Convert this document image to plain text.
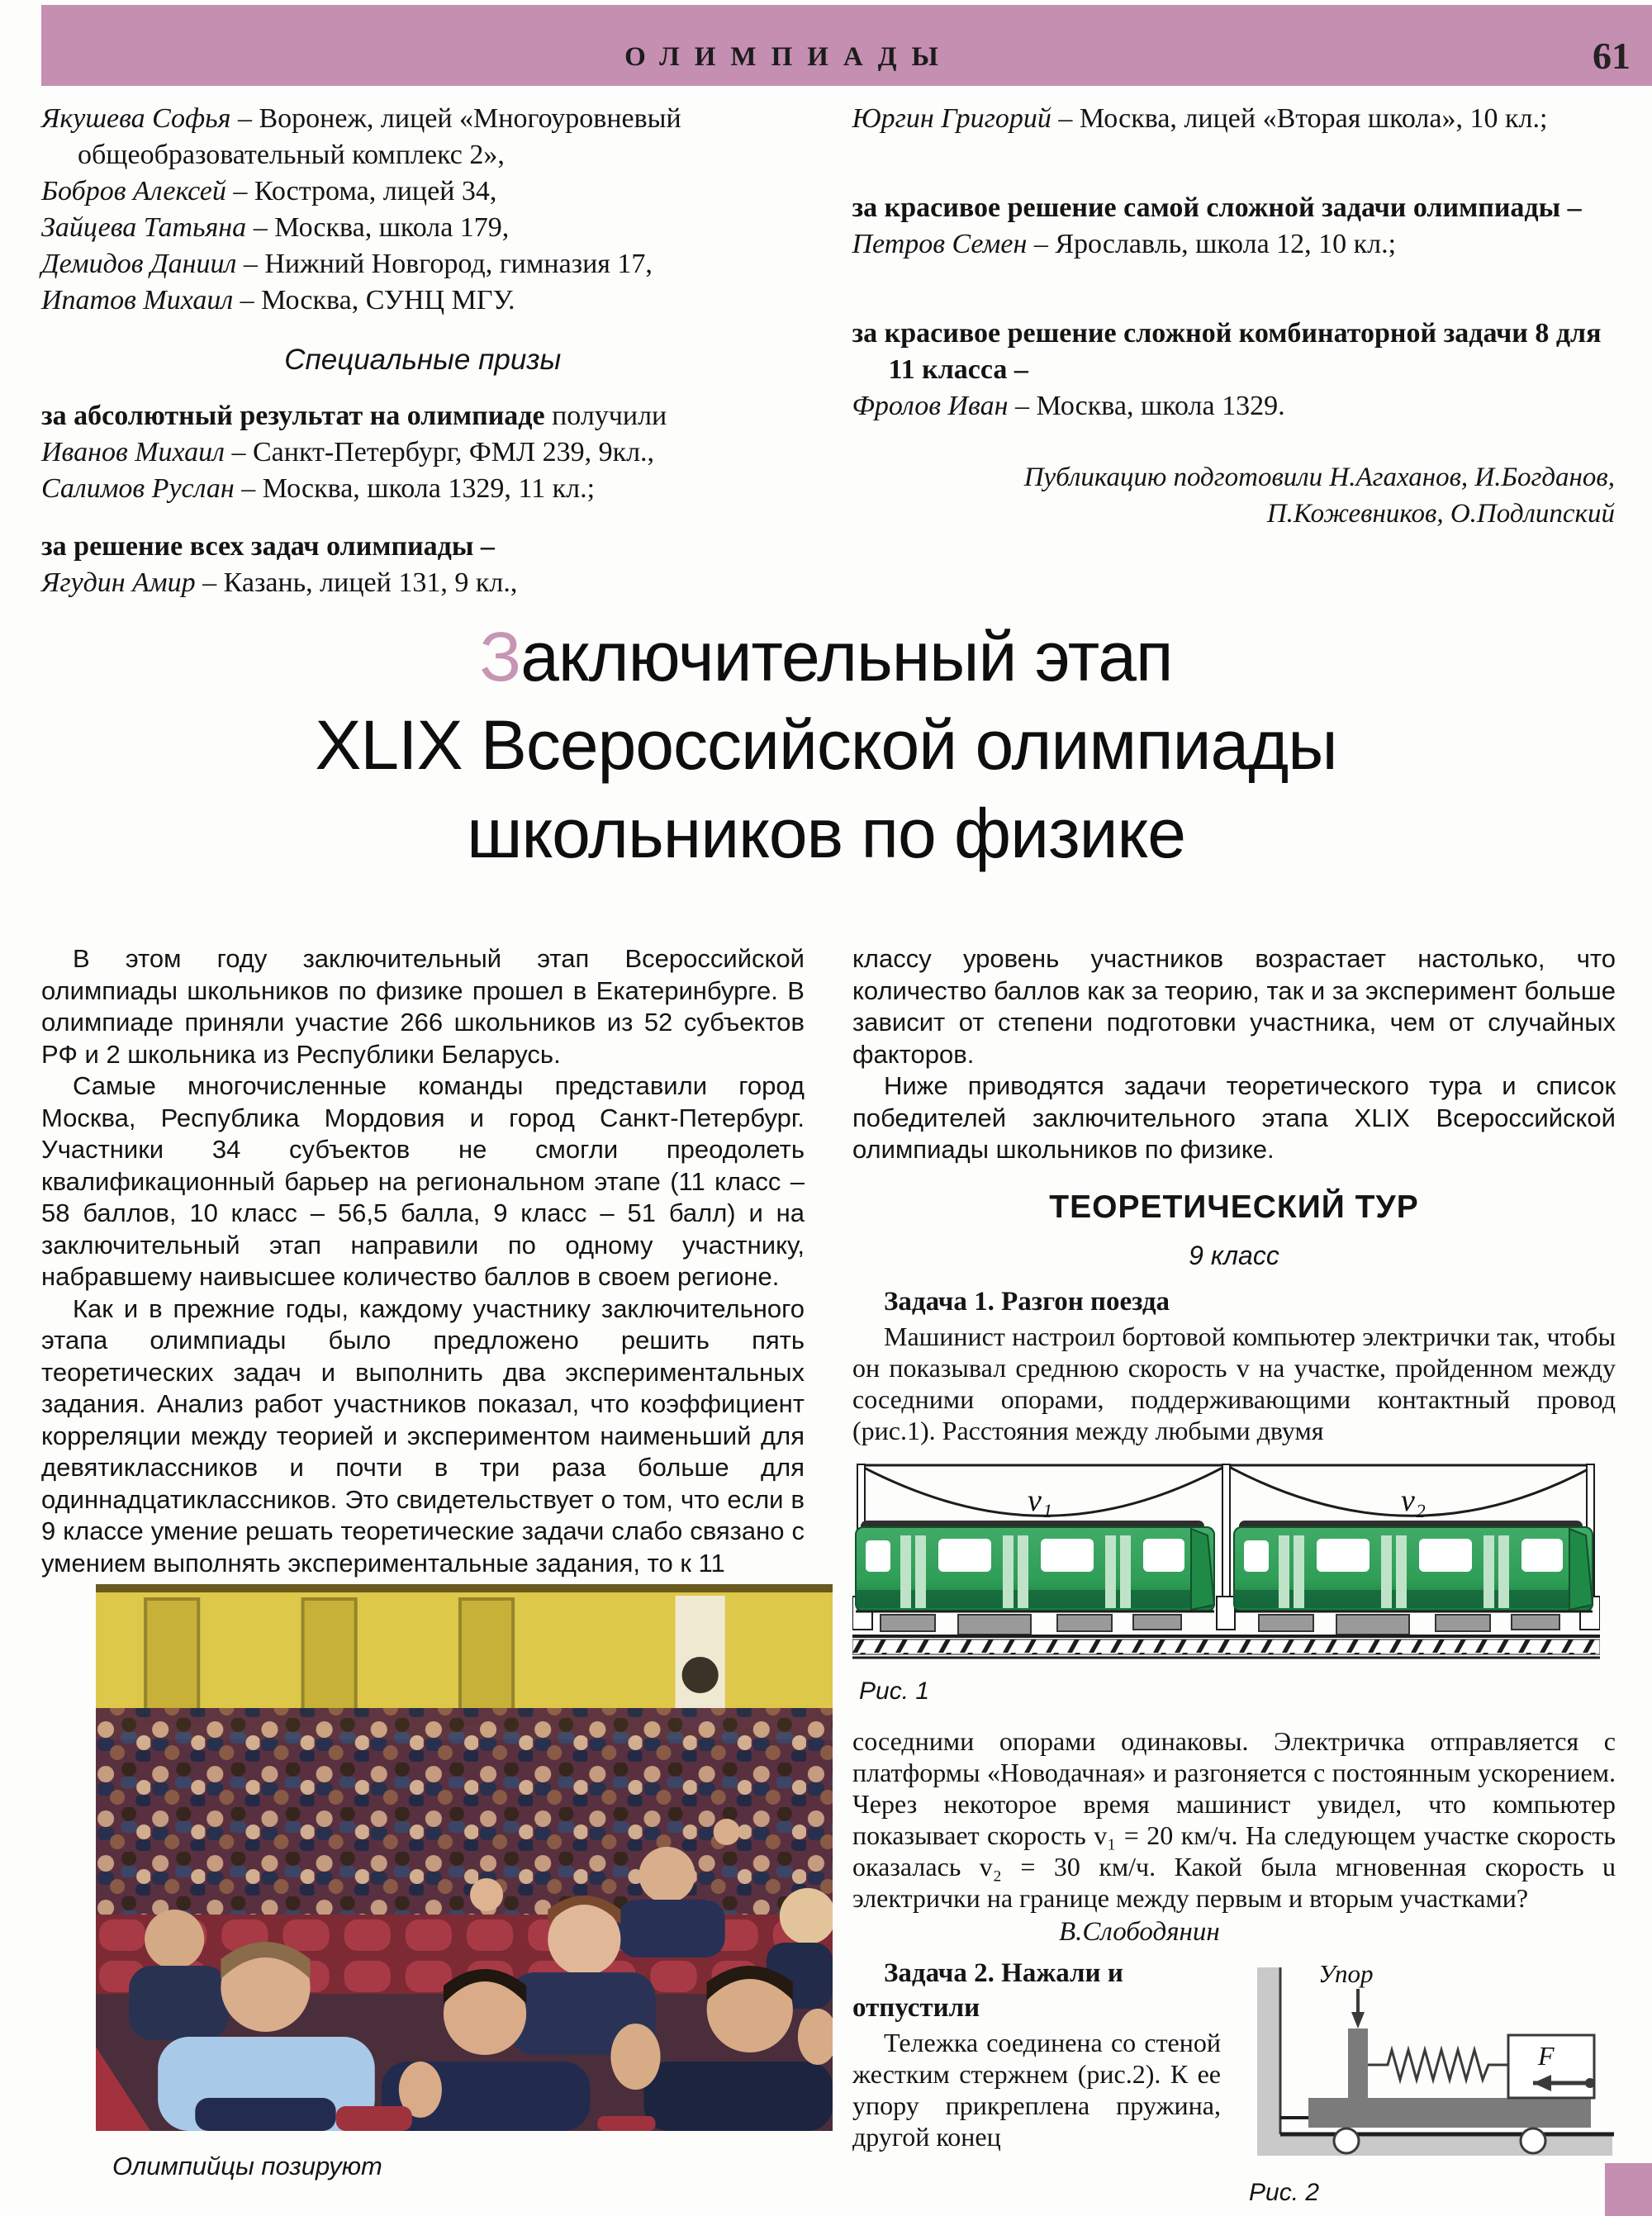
ОЛИМПИАДЫ	61

Якушева Софья – Воронеж, лицей «Многоуровневый общеобразовательный комплекс 2»,

Бобров Алексей – Кострома, лицей 34,

Зайцева Татьяна – Москва, школа 179,

Демидов Даниил – Нижний Новгород, гимназия 17,

Ипатов Михаил – Москва, СУНЦ МГУ.

Специальные призы

за абсолютный результат на олимпиаде получили

Иванов Михаил – Санкт-Петербург, ФМЛ 239, 9кл.,

Салимов Руслан – Москва, школа 1329, 11 кл.;

за решение всех задач олимпиады –

Ягудин Амир – Казань, лицей 131, 9 кл.,

Юргин Григорий – Москва, лицей «Вторая школа», 10 кл.;

за красивое решение самой сложной задачи олимпиады –

Петров Семен – Ярославль, школа 12, 10 кл.;

за красивое решение сложной комбинаторной задачи 8 для 11 класса –

Фролов Иван – Москва, школа 1329.

Публикацию подготовили Н.Агаханов, И.Богданов,
П.Кожевников, О.Подлипский
Заключительный этап
XLIX Всероссийской олимпиады
школьников по физике

В этом году заключительный этап Всероссийской олимпиады школьников по физике прошел в Екатеринбурге. В олимпиаде приняли участие 266 школьников из 52 субъектов РФ и 2 школьника из Республики Беларусь.

Самые многочисленные команды представили город Москва, Республика Мордовия и город Санкт-Петербург. Участники 34 субъектов не смогли преодолеть квалификационный барьер на региональном этапе (11 класс – 58 баллов, 10 класс – 56,5 балла, 9 класс – 51 балл) и на заключительный этап направили по одному участнику, набравшему наивысшее количество баллов в своем регионе.

Как и в прежние годы, каждому участнику заключительного этапа олимпиады было предложено решить пять теоретических задач и выполнить два экспериментальных задания. Анализ работ участников показал, что коэффициент корреляции между теорией и экспериментом наименьший для девятиклассников и почти в три раза больше для одиннадцатиклассников. Это свидетельствует о том, что если в 9 классе умение решать теоретические задачи слабо связано с умением выполнять экспериментальные задания, то к 11

Олимпийцы позируют

классу уровень участников возрастает настолько, что количество баллов как за теорию, так и за эксперимент больше зависит от степени подготовки участника, чем от случайных факторов.

Ниже приводятся задачи теоретического тура и список победителей заключительного этапа XLIX Всероссийской олимпиады школьников по физике.

ТЕОРЕТИЧЕСКИЙ ТУР
9 класс

Задача 1. Разгон поезда

Машинист настроил бортовой компьютер электрички так, чтобы он показывал среднюю скорость v на участке, пройденном между соседними опорами, поддерживающими контактный провод (рис.1). Расстояния между любыми двумя

v₁	v₂
Рис. 1

соседними опорами одинаковы. Электричка отправляется с платформы «Новодачная» и разгоняется с постоянным ускорением. Через некоторое время машинист увидел, что компьютер показывает скорость v₁ = 20 км/ч. На следующем участке скорость оказалась v₂ = 30 км/ч. Какой была мгновенная скорость u электрички на границе между первым и вторым участками?

В.Слободянин

Задача 2. Нажали и отпустили

Тележка соединена со стеной жестким стержнем (рис.2). К ее упору прикреплена пружина, другой конец

F
Упор
Рис. 2
